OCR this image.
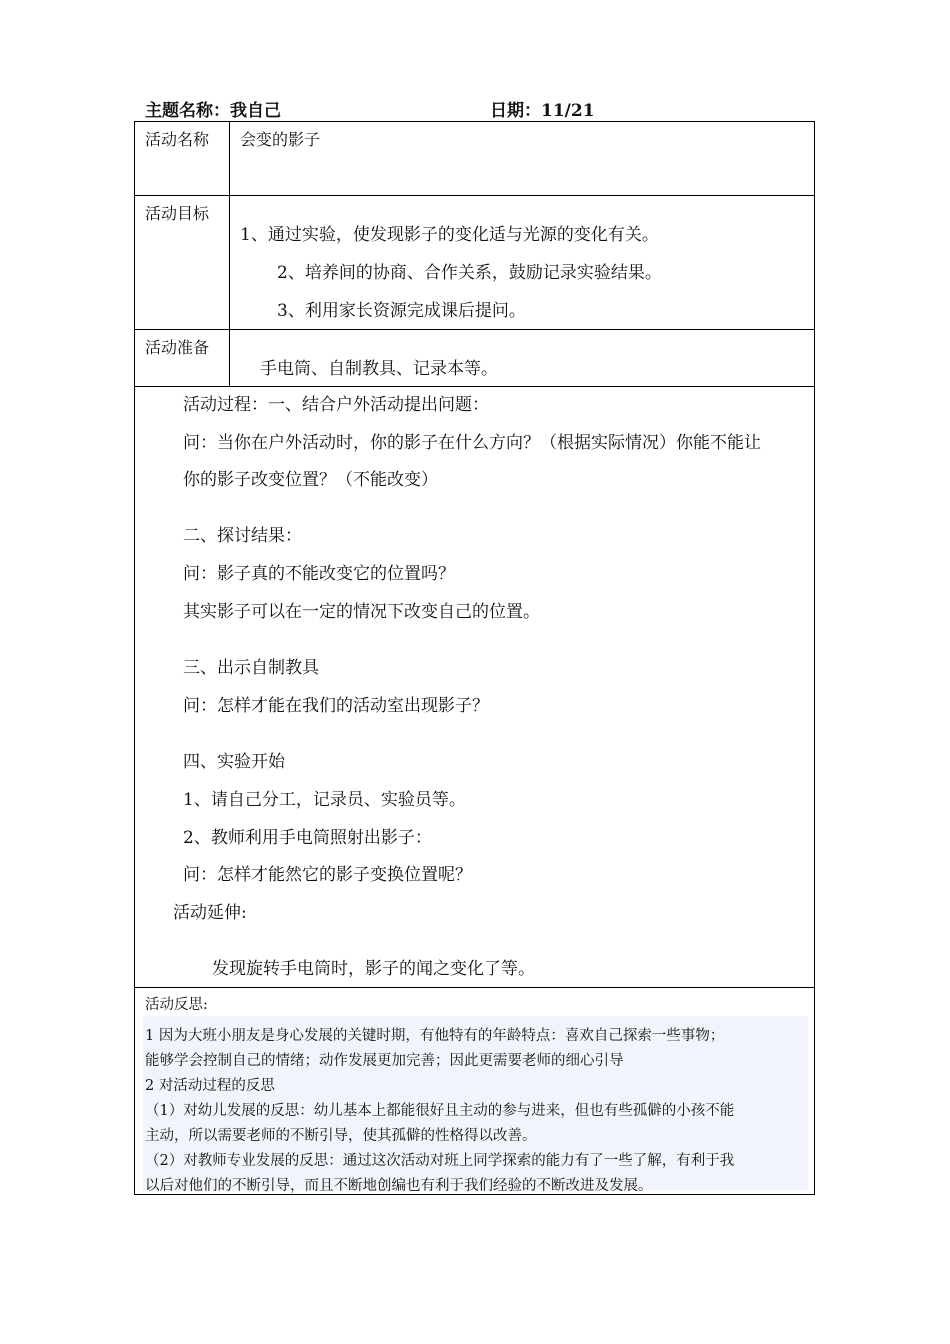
主题名称：我自己	日期：11/21
活动名称	会变的影子
活动目标
1、通过实验，使发现影子的变化适与光源的变化有关。
2、培养间的协商、合作关系，鼓励记录实验结果。
3、利用家长资源完成课后提问。
活动准备
手电筒、自制教具、记录本等。
活动过程：一、结合户外活动提出问题：
问：当你在户外活动时，你的影子在什么方向？（根据实际情况）你能不能让
你的影子改变位置？（不能改变）
二、探讨结果：
问：影子真的不能改变它的位置吗？
其实影子可以在一定的情况下改变自己的位置。
三、出示自制教具
问：怎样才能在我们的活动室出现影子？
四、实验开始
1、请自己分工，记录员、实验员等。
2、教师利用手电筒照射出影子：
问：怎样才能然它的影子变换位置呢？
活动延伸:
发现旋转手电筒时，影子的闻之变化了等。
活动反思:
1 因为大班小朋友是身心发展的关键时期，有他特有的年龄特点：喜欢自己探索一些事物；
能够学会控制自己的情绪；动作发展更加完善；因此更需要老师的细心引导
2 对活动过程的反思
（1）对幼儿发展的反思：幼儿基本上都能很好且主动的参与进来，但也有些孤僻的小孩不能
主动，所以需要老师的不断引导，使其孤僻的性格得以改善。
（2）对教师专业发展的反思：通过这次活动对班上同学探索的能力有了一些了解，有利于我
以后对他们的不断引导，而且不断地创编也有利于我们经验的不断改进及发展。
